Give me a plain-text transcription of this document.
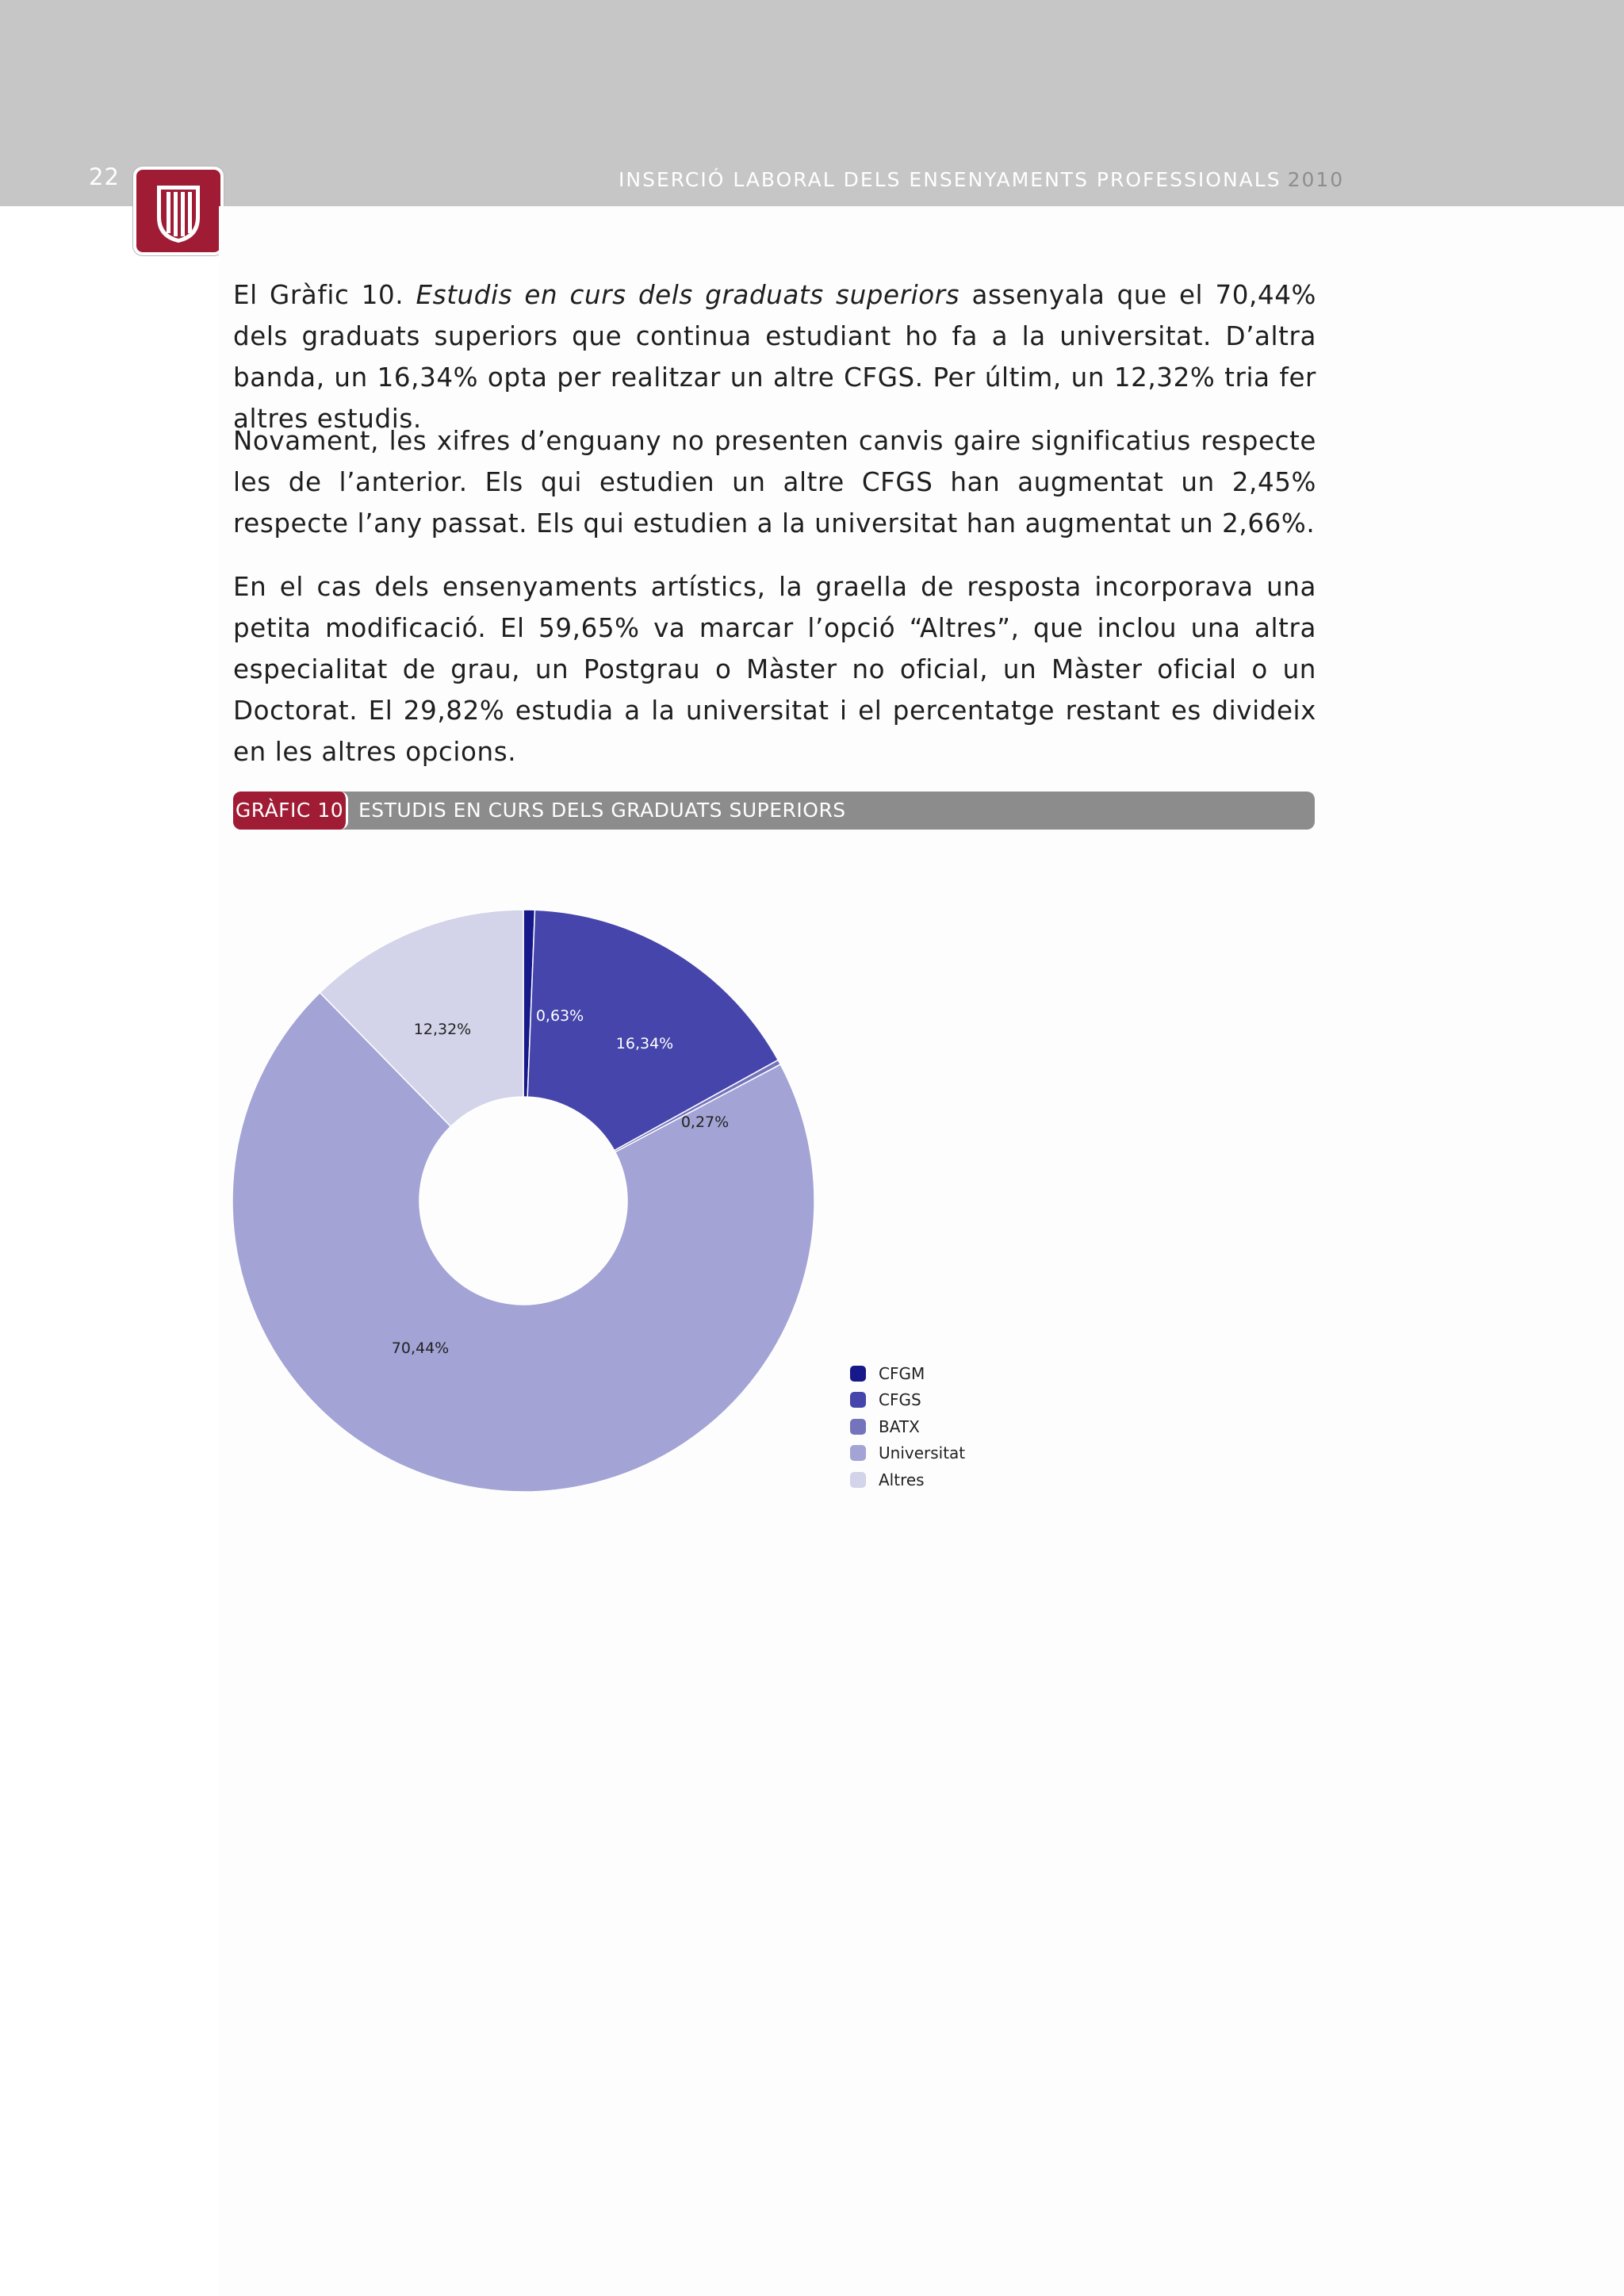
22	INSERCIÓ LABORAL DELS ENSENYAMENTS PROFESSIONALS 2010

El Gràfic 10. Estudis en curs dels graduats superiors assenyala que el 70,44% dels graduats superiors que continua estudiant ho fa a la universitat. D’altra banda, un 16,34% opta per realitzar un altre CFGS. Per últim, un 12,32% tria fer altres estudis.

Novament, les xifres d’enguany no presenten canvis gaire significatius respecte les de l’anterior. Els qui estudien un altre CFGS han augmentat un 2,45% respecte l’any passat. Els qui estudien a la universitat han augmentat un 2,66%.

En el cas dels ensenyaments artístics, la graella de resposta incorporava una petita modificació. El 59,65% va marcar l’opció “Altres”, que inclou una altra especialitat de grau, un Postgrau o Màster no oficial, un Màster oficial o un Doctorat. El 29,82% estudia a la universitat i el percentatge restant es divideix en les altres opcions.

GRÀFIC 10 ESTUDIS EN CURS DELS GRADUATS SUPERIORS
0,63%
16,34%
0,27%
70,44%
12,32%
CFGM
CFGS
BATX
Universitat
Altres
